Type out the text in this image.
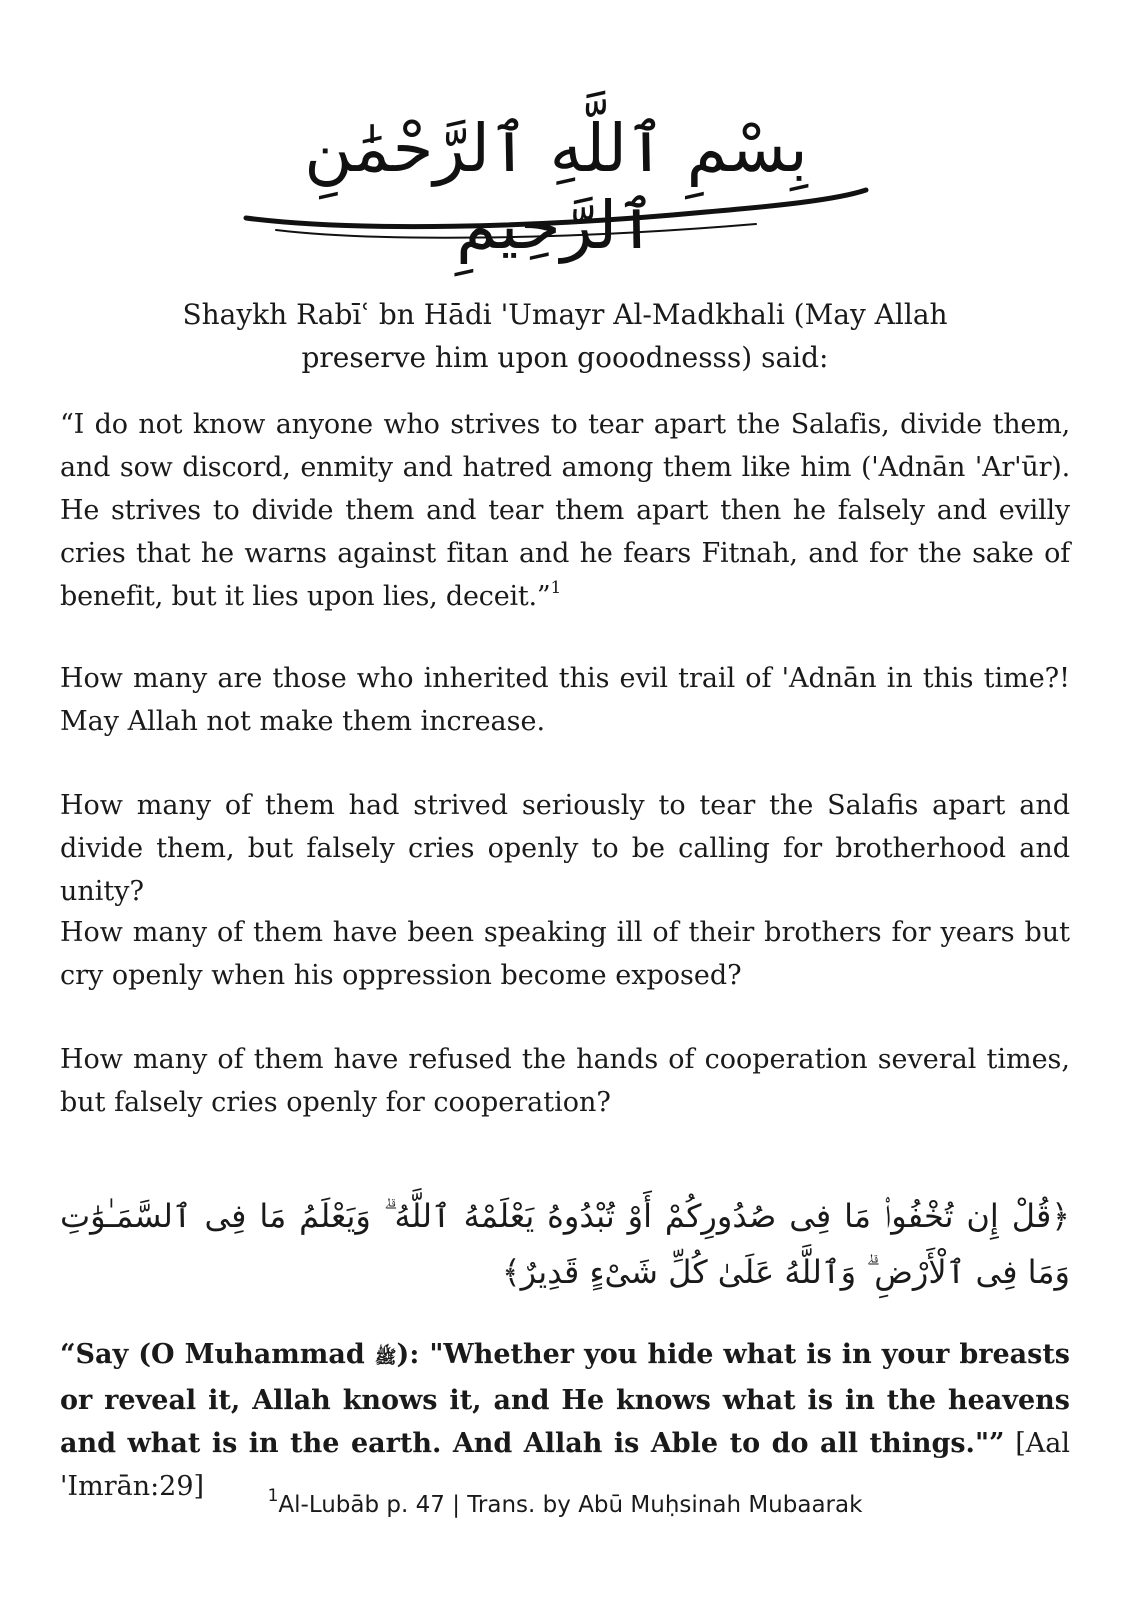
بِسْمِ ٱللَّهِ ٱلرَّحْمَٰنِ ٱلرَّحِيمِ
Shaykh Rabīʿ bn Hādi 'Umayr Al-Madkhali (May Allah
preserve him upon gooodnesss) said:
“I do not know anyone who strives to tear apart the Salafis, divide them, and sow discord, enmity and hatred among them like him ('Adnān 'Ar'ūr). He strives to divide them and tear them apart then he falsely and evilly cries that he warns against fitan and he fears Fitnah, and for the sake of benefit, but it lies upon lies, deceit.”$^1$
How many are those who inherited this evil trail of 'Adnān in this time?! May Allah not make them increase.
How many of them had strived seriously to tear the Salafis apart and divide them, but falsely cries openly to be calling for brotherhood and unity?
How many of them have been speaking ill of their brothers for years but cry openly when his oppression become exposed?
How many of them have refused the hands of cooperation several times, but falsely cries openly for cooperation?
﴿قُلْ إِن تُخْفُوا۟ مَا فِى صُدُورِكُمْ أَوْ تُبْدُوهُ يَعْلَمْهُ ٱللَّهُ ۗ وَيَعْلَمُ مَا فِى ٱلسَّمَـٰوَٰتِ وَمَا فِى ٱلْأَرْضِ ۗ وَٱللَّهُ عَلَىٰ كُلِّ شَىْءٍ قَدِيرٌ﴾
“Say (O Muhammad ﷺ): "Whether you hide what is in your breasts or reveal it, Allah knows it, and He knows what is in the heavens and what is in the earth. And Allah is Able to do all things."” [Aal 'Imrān:29]	$^1$Al-Lubāb p. 47 | Trans. by Abū Muḥsinah Mubaarak
